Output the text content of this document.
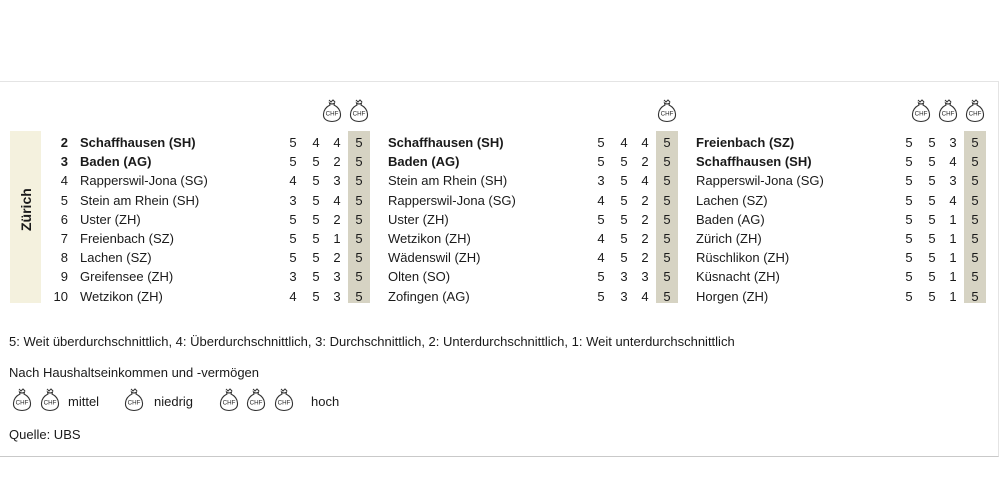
Zürich
CHF CHF
2 Schaffhausen (SH)	5 4 4 5
3 Baden (AG)	5 5 2 5
4 Rapperswil-Jona (SG)	4 5 3 5
5 Stein am Rhein (SH)	3 5 4 5
6 Uster (ZH)	5 5 2 5
7 Freienbach (SZ)	5 5 1 5
8 Lachen (SZ)	5 5 2 5
9 Greifensee (ZH)	3 5 3 5
10 Wetzikon (ZH)	4 5 3 5
CHF
Schaffhausen (SH)	5 4 4 5
Baden (AG)	5 5 2 5
Stein am Rhein (SH)	3 5 4 5
Rapperswil-Jona (SG)	4 5 2 5
Uster (ZH)	5 5 2 5
Wetzikon (ZH)	4 5 2 5
Wädenswil (ZH)	4 5 2 5
Olten (SO)	5 3 3 5
Zofingen (AG)	5 3 4 5
CHF CHF CHF
Freienbach (SZ)	5 5 3 5
Schaffhausen (SH)	5 5 4 5
Rapperswil-Jona (SG)	5 5 3 5
Lachen (SZ)	5 5 4 5
Baden (AG)	5 5 1 5
Zürich (ZH)	5 5 1 5
Rüschlikon (ZH)	5 5 1 5
Küsnacht (ZH)	5 5 1 5
Horgen (ZH)	5 5 1 5
5: Weit überdurchschnittlich, 4: Überdurchschnittlich, 3: Durchschnittlich, 2: Unterdurchschnittlich, 1: Weit unterdurchschnittlich
Nach Haushaltseinkommen und -vermögen
CHF CHF	CHF	CHF CHF CHF
mittel	niedrig	hoch
Quelle: UBS
